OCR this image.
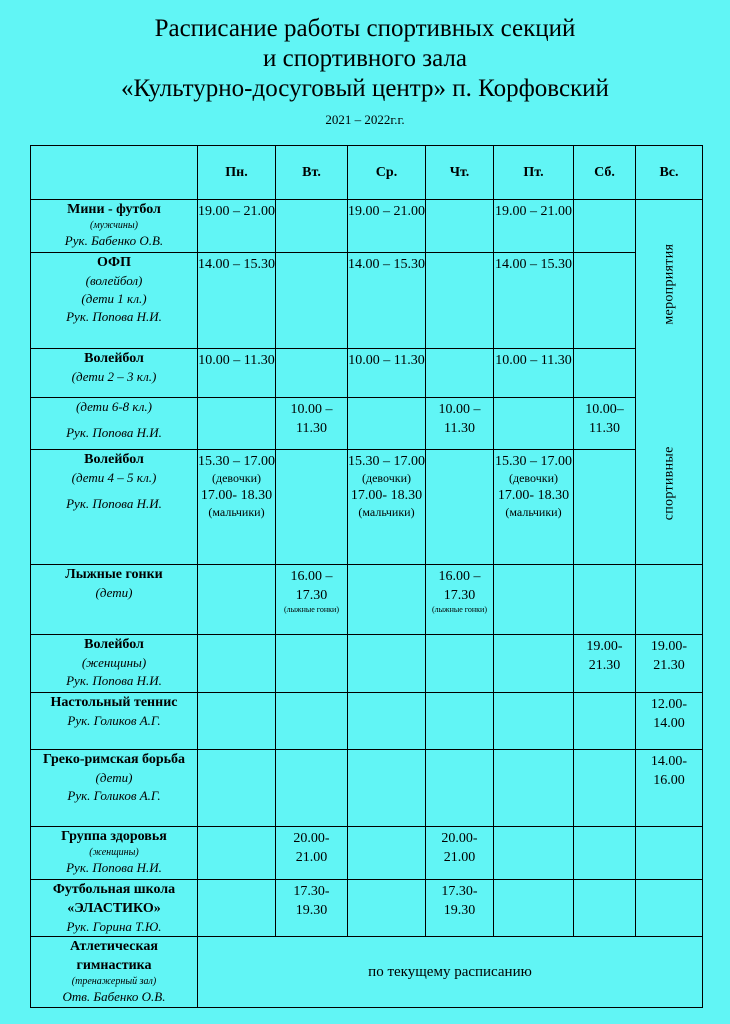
Расписание работы спортивных секций
и спортивного зала
«Культурно-досуговый центр» п. Корфовский
2021 – 2022г.г.
	Пн.	Вт.	Ср.	Чт.	Пт.	Сб.	Вс.

Мини - футбол
(мужчины)
Рук. Бабенко О.В.	19.00 – 21.00		19.00 – 21.00		19.00 – 21.00		спортивные мероприятия

ОФП
(волейбол)
(дети 1 кл.)
Рук. Попова Н.И.	14.00 – 15.30		14.00 – 15.30		14.00 – 15.30		

Волейбол
(дети 2 – 3 кл.)	10.00 – 11.30		10.00 – 11.30		10.00 – 11.30		

(дети 6-8 кл.)
Рук. Попова Н.И.		10.00 – 11.30		10.00 – 11.30		10.00– 11.30	

Волейбол
(дети 4 – 5 кл.)
Рук. Попова Н.И.	15.30 – 17.00
(девочки)
17.00- 18.30
(мальчики)		15.30 – 17.00
(девочки)
17.00- 18.30
(мальчики)		15.30 – 17.00
(девочки)
17.00- 18.30
(мальчики)		

Лыжные гонки
(дети)		16.00 – 17.30
(лыжные гонки)		16.00 – 17.30
(лыжные гонки)			

Волейбол
(женщины)
Рук. Попова Н.И.						19.00- 21.30	19.00- 21.30

Настольный теннис
Рук. Голиков А.Г.							12.00- 14.00

Греко-римская борьба
(дети)
Рук. Голиков А.Г.							14.00- 16.00

Группа здоровья
(женщины)
Рук. Попова Н.И.		20.00- 21.00		20.00- 21.00			

Футбольная школа «ЭЛАСТИКО»
Рук. Горина Т.Ю.		17.30- 19.30		17.30- 19.30			

Атлетическая гимнастика
(тренажерный зал)
Отв. Бабенко О.В.	по текущему расписанию						
